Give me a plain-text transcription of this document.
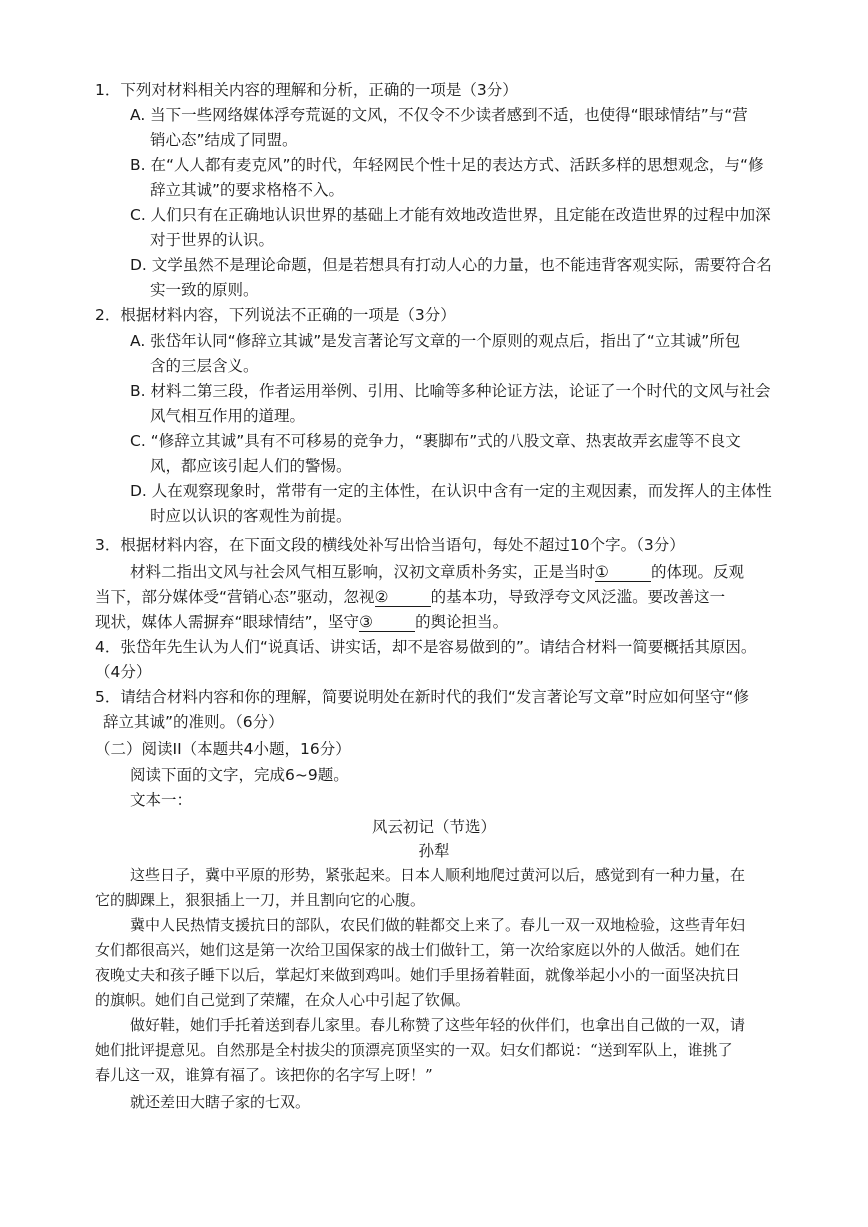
1．下列对材料相关内容的理解和分析，正确的一项是（3分）
A. 当下一些网络媒体浮夸荒诞的文风，不仅令不少读者感到不适，也使得“眼球情结”与“营
销心态”结成了同盟。
B. 在“人人都有麦克风”的时代，年轻网民个性十足的表达方式、活跃多样的思想观念，与“修
辞立其诚”的要求格格不入。
C. 人们只有在正确地认识世界的基础上才能有效地改造世界，且定能在改造世界的过程中加深
对于世界的认识。
D. 文学虽然不是理论命题，但是若想具有打动人心的力量，也不能违背客观实际，需要符合名
实一致的原则。
2．根据材料内容，下列说法不正确的一项是（3分）
A. 张岱年认同“修辞立其诚”是发言著论写文章的一个原则的观点后，指出了“立其诚”所包
含的三层含义。
B. 材料二第三段，作者运用举例、引用、比喻等多种论证方法，论证了一个时代的文风与社会
风气相互作用的道理。
C. “修辞立其诚”具有不可移易的竞争力，“裹脚布”式的八股文章、热衷故弄玄虚等不良文
风，都应该引起人们的警惕。
D. 人在观察现象时，常带有一定的主体性，在认识中含有一定的主观因素，而发挥人的主体性
时应以认识的客观性为前提。
3．根据材料内容，在下面文段的横线处补写出恰当语句，每处不超过10个字。（3分）
材料二指出文风与社会风气相互影响，汉初文章质朴务实，正是当时①	的体现。反观
当下，部分媒体受“营销心态”驱动，忽视②	的基本功，导致浮夸文风泛滥。要改善这一
现状，媒体人需摒弃“眼球情结”，坚守③	的舆论担当。
4．张岱年先生认为人们“说真话、讲实话，却不是容易做到的”。请结合材料一简要概括其原因。
（4分）
5．请结合材料内容和你的理解，简要说明处在新时代的我们“发言著论写文章”时应如何坚守“修
辞立其诚”的准则。（6分）
（二）阅读II（本题共4小题，16分）
阅读下面的文字，完成6~9题。
文本一：
风云初记（节选）
孙犁
这些日子，冀中平原的形势，紧张起来。日本人顺利地爬过黄河以后，感觉到有一种力量，在
它的脚踝上，狠狠插上一刀，并且割向它的心腹。
冀中人民热情支援抗日的部队，农民们做的鞋都交上来了。春儿一双一双地检验，这些青年妇
女们都很高兴，她们这是第一次给卫国保家的战士们做针工，第一次给家庭以外的人做活。她们在
夜晚丈夫和孩子睡下以后，掌起灯来做到鸡叫。她们手里扬着鞋面，就像举起小小的一面坚决抗日
的旗帜。她们自己觉到了荣耀，在众人心中引起了钦佩。
做好鞋，她们手托着送到春儿家里。春儿称赞了这些年轻的伙伴们，也拿出自己做的一双，请
她们批评提意见。自然那是全村拔尖的顶漂亮顶坚实的一双。妇女们都说：“送到军队上，谁挑了
春儿这一双，谁算有福了。该把你的名字写上呀！”
就还差田大瞎子家的七双。
